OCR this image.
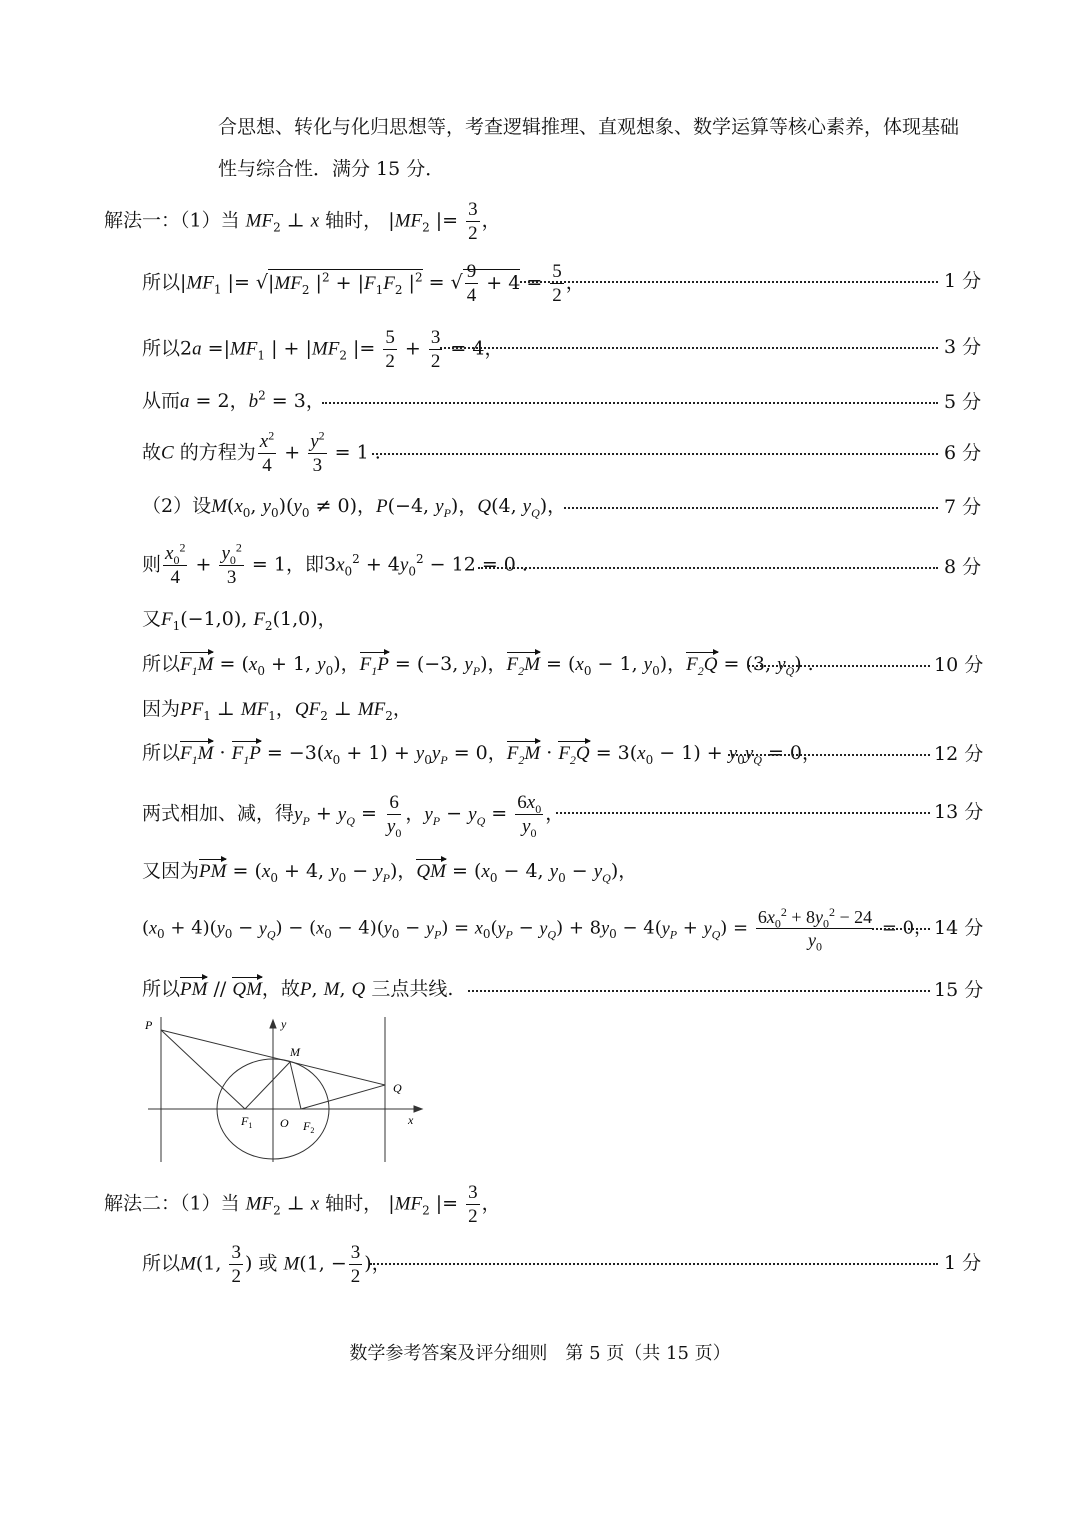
合思想、转化与化归思想等，考查逻辑推理、直观想象、数学运算等核心素养，体现基础
性与综合性．满分 15 分．
解法一：（1）当 $MF_2$ ⊥ x 轴时， $|MF_2$ |= $\frac{3}{2}$ ，
所以$|MF_1$ |= $√|MF_2$ $|^2 + |F_1F_2$ $|^2$ = √ $\frac{9}{4} + 4 = \frac{5}{2}$ ，	1 分
所以$2a =|MF_1$ | + $|MF_2$ |= $\frac{5}{2} + \frac{3}{2} = 4$，	3 分
从而a = 2，$b^2 = 3$，	5 分
故C 的方程为 $\frac{x^2}{4} + \frac{y^2}{3} = 1$ .	6 分
（2）设$M(x_0$, $y_0)(y_0 \ne 0)$，P(−4, $y_P$)，Q(4, $y_Q$)，	7 分
则 $\frac{x_0^2}{4} + \frac{y_0^2}{3} = 1$，即$3x_0^2 + 4y_0^2 - 12 = 0$ .	8 分
又$F_1(-1,0)$, $F_2(1,0)$，
所以$F_1M = (x_0 + 1$, $y_0$)，$F_1P = (-3$, $y_P$)，$F_2M = (x_0 - 1$, $y_0$)，$F_2Q = (3$, $y_Q$) .	10 分
因为$PF_1$ ⊥ $MF_1$，$QF_2$ ⊥ $MF_2$，
所以$F_1M \cdot F_1P = -3(x_0 + 1) + y_0y_P = 0$，$F_2M \cdot F_2Q = 3(x_0 - 1) + y_0y_Q = 0$，	12 分
两式相加、减，得$y_P + y_Q = \frac{6}{y_0}$ ，$y_P - y_Q = \frac{6x_0}{y_0}$ ，	13 分
又因为PM = ($x_0 + 4$, $y_0 - y_P$)，QM = ($x_0 - 4$, $y_0 - y_Q$)，
$(x_0 + 4)(y_0 - y_Q) - (x_0 - 4)(y_0 - y_P) = x_0(y_P - y_Q) + 8y_0 - 4(y_P + y_Q) = \frac{6x_0^2 + 8y_0^2 - 24}{y_0} = 0$， 14 分
所以PM // QM，故P, M, Q 三点共线.	15 分
P
M
Q
y
x
$F_1$ O $F_2$
解法二：（1）当 $MF_2$ ⊥ x 轴时， $|MF_2$ |= $\frac{3}{2}$ ，
所以M(1, $\frac{3}{2}$ ) 或 M(1, − $\frac{3}{2}$ )，	1 分
数学参考答案及评分细则　第 5 页（共 15 页）
